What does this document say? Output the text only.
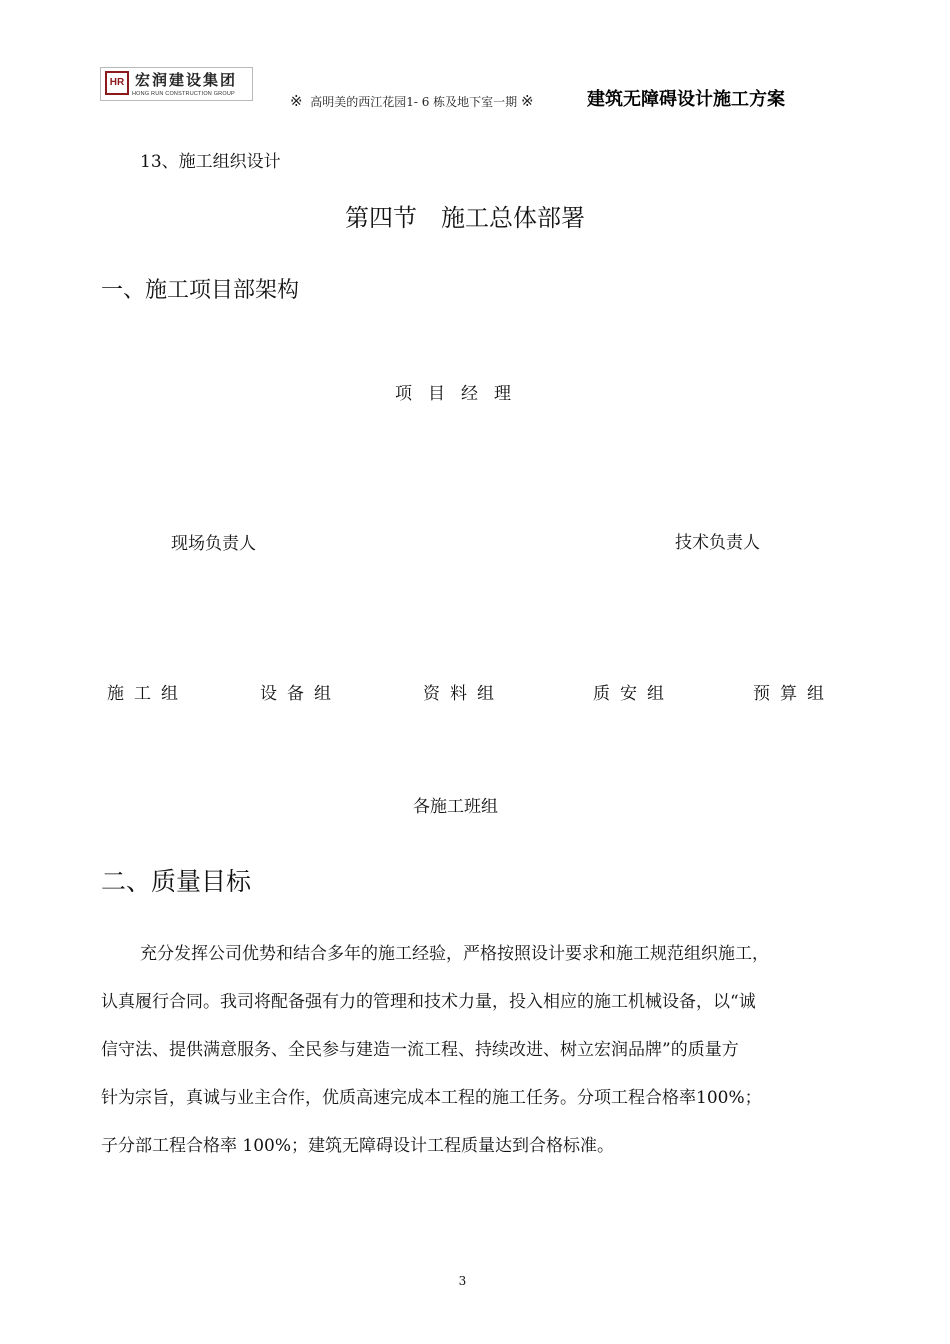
HR 宏润建设集团
HONG RUN CONSTRUCTION GROUP	※ 高明美的西江花园1- 6 栋及地下室一期 ※	建筑无障碍设计施工方案
13、施工组织设计
第四节　施工总体部署
一、施工项目部架构
项目经理
现场负责人	技术负责人
施工组	设备组	资料组	质安组	预算组
各施工班组
二、质量目标
充分发挥公司优势和结合多年的施工经验，严格按照设计要求和施工规范组织施工，
认真履行合同。我司将配备强有力的管理和技术力量，投入相应的施工机械设备，以“诚
信守法、提供满意服务、全民参与建造一流工程、持续改进、树立宏润品牌”的质量方
针为宗旨，真诚与业主合作，优质高速完成本工程的施工任务。分项工程合格率100%；
子分部工程合格率 100%；建筑无障碍设计工程质量达到合格标准。
3
